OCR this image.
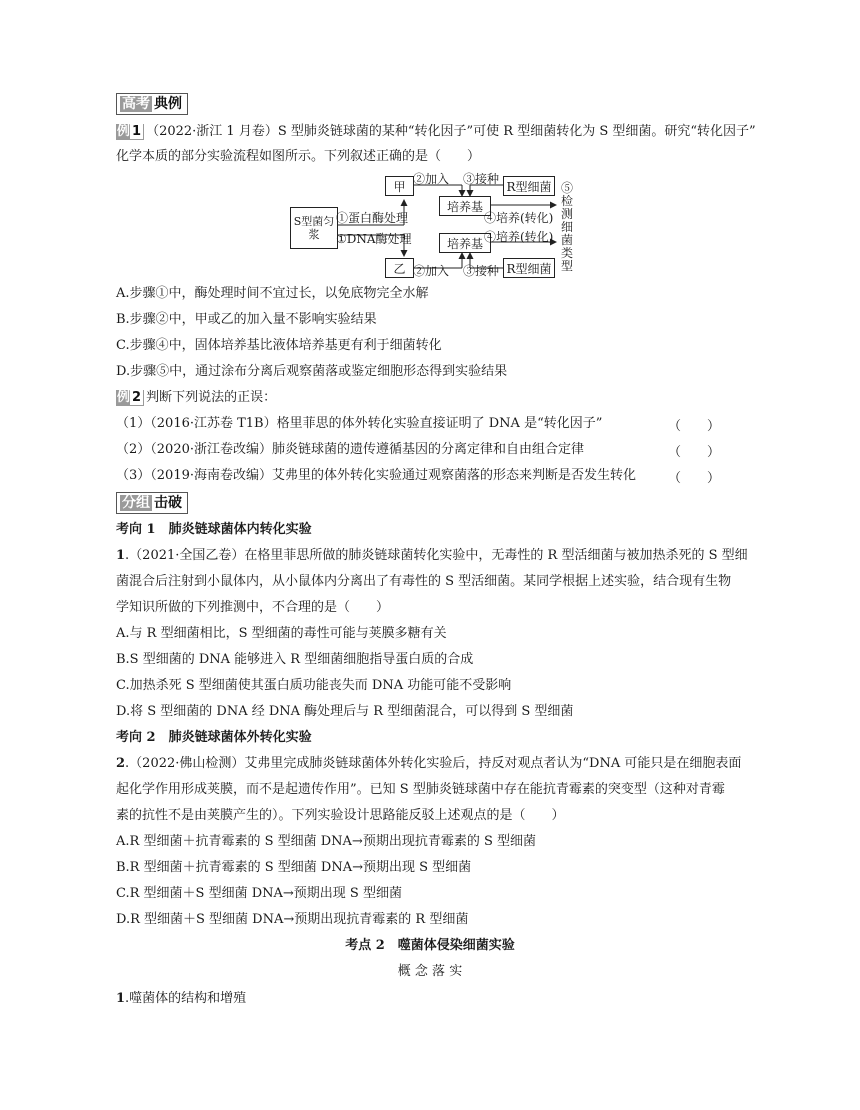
高考 典例
例 1 （2022·浙江 1 月卷）S 型肺炎链球菌的某种“转化因子”可使 R 型细菌转化为 S 型细菌。研究“转化因子”
化学本质的部分实验流程如图所示。下列叙述正确的是（　　）
S型菌匀浆
①蛋白酶处理
①DNA酶处理
甲
乙
②加入
②加入
③接种
③接种
R型细菌
R型细菌
培养基
培养基
④培养(转化)
④培养(转化)
⑤检测细菌类型
A.步骤①中，酶处理时间不宜过长，以免底物完全水解
B.步骤②中，甲或乙的加入量不影响实验结果
C.步骤④中，固体培养基比液体培养基更有利于细菌转化
D.步骤⑤中，通过涂布分离后观察菌落或鉴定细胞形态得到实验结果
例 2 判断下列说法的正误：
（1）（2016·江苏卷 T1B）格里菲思的体外转化实验直接证明了 DNA 是“转化因子”	（　　）
（2）（2020·浙江卷改编）肺炎链球菌的遗传遵循基因的分离定律和自由组合定律	（　　）
（3）（2019·海南卷改编）艾弗里的体外转化实验通过观察菌落的形态来判断是否发生转化 （　　）
分组 击破
考向 1　肺炎链球菌体内转化实验
1.（2021·全国乙卷）在格里菲思所做的肺炎链球菌转化实验中，无毒性的 R 型活细菌与被加热杀死的 S 型细
菌混合后注射到小鼠体内，从小鼠体内分离出了有毒性的 S 型活细菌。某同学根据上述实验，结合现有生物
学知识所做的下列推测中，不合理的是（　　）
A.与 R 型细菌相比，S 型细菌的毒性可能与荚膜多糖有关
B.S 型细菌的 DNA 能够进入 R 型细菌细胞指导蛋白质的合成
C.加热杀死 S 型细菌使其蛋白质功能丧失而 DNA 功能可能不受影响
D.将 S 型细菌的 DNA 经 DNA 酶处理后与 R 型细菌混合，可以得到 S 型细菌
考向 2　肺炎链球菌体外转化实验
2.（2022·佛山检测）艾弗里完成肺炎链球菌体外转化实验后，持反对观点者认为“DNA 可能只是在细胞表面
起化学作用形成荚膜，而不是起遗传作用”。已知 S 型肺炎链球菌中存在能抗青霉素的突变型（这种对青霉
素的抗性不是由荚膜产生的）。下列实验设计思路能反驳上述观点的是（　　）
A.R 型细菌＋抗青霉素的 S 型细菌 DNA→预期出现抗青霉素的 S 型细菌
B.R 型细菌＋抗青霉素的 S 型细菌 DNA→预期出现 S 型细菌
C.R 型细菌＋S 型细菌 DNA→预期出现 S 型细菌
D.R 型细菌＋S 型细菌 DNA→预期出现抗青霉素的 R 型细菌
考点 2　噬菌体侵染细菌实验
概 念 落 实
1.噬菌体的结构和增殖
